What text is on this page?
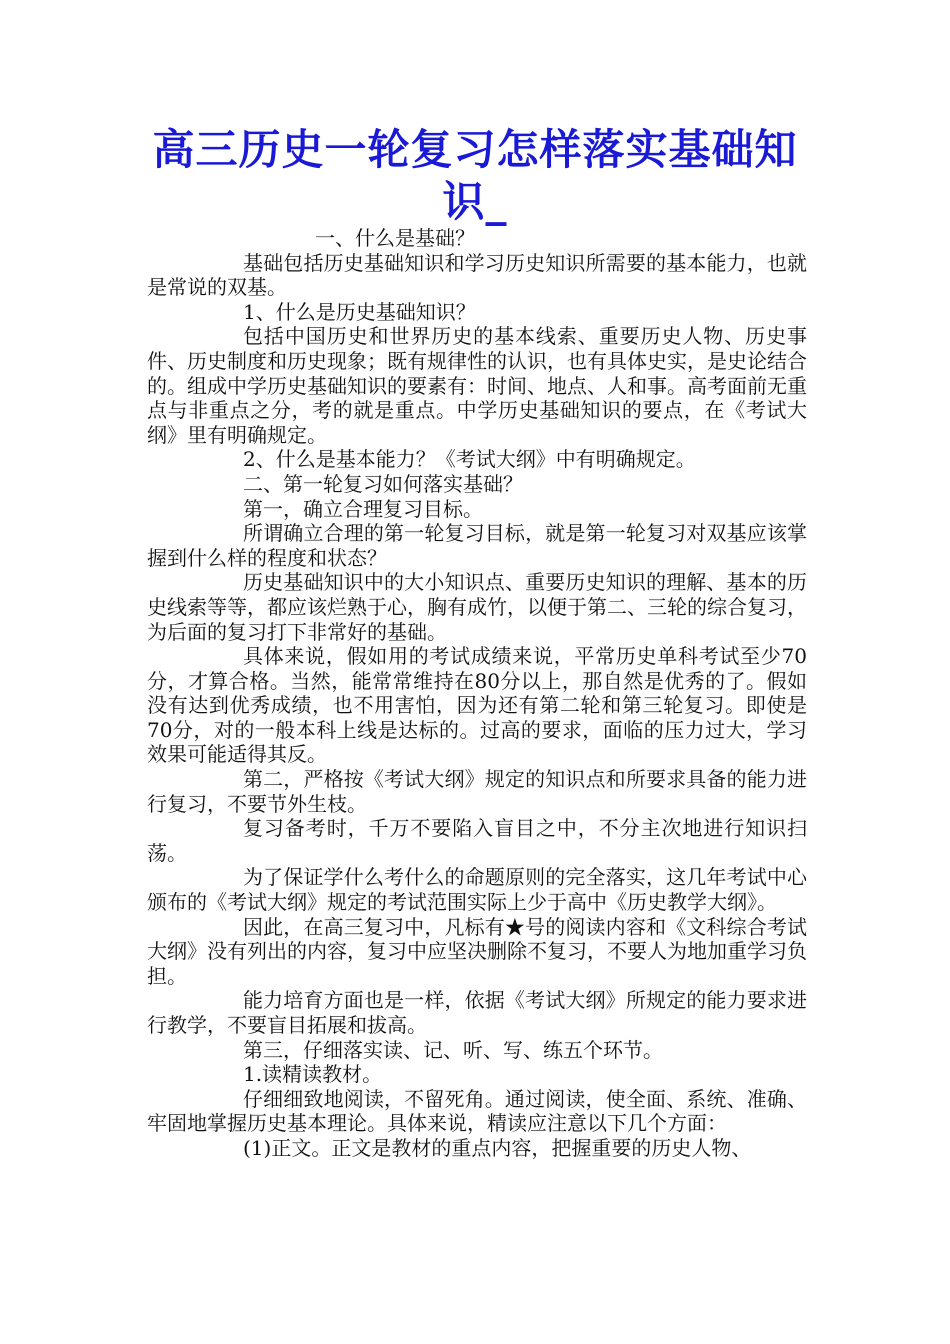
高三历史一轮复习怎样落实基础知识_

一、什么是基础？

基础包括历史基础知识和学习历史知识所需要的基本能力，也就是常说的双基。

1、什么是历史基础知识？

包括中国历史和世界历史的基本线索、重要历史人物、历史事件、历史制度和历史现象；既有规律性的认识，也有具体史实，是史论结合的。组成中学历史基础知识的要素有：时间、地点、人和事。高考面前无重点与非重点之分，考的就是重点。中学历史基础知识的要点，在《考试大纲》里有明确规定。

2、什么是基本能力？《考试大纲》中有明确规定。

二、第一轮复习如何落实基础？

第一，确立合理复习目标。

所谓确立合理的第一轮复习目标，就是第一轮复习对双基应该掌握到什么样的程度和状态？

历史基础知识中的大小知识点、重要历史知识的理解、基本的历史线索等等，都应该烂熟于心，胸有成竹，以便于第二、三轮的综合复习，为后面的复习打下非常好的基础。

具体来说，假如用的考试成绩来说，平常历史单科考试至少70分，才算合格。当然，能常常维持在80分以上，那自然是优秀的了。假如没有达到优秀成绩，也不用害怕，因为还有第二轮和第三轮复习。即使是70分，对的一般本科上线是达标的。过高的要求，面临的压力过大，学习效果可能适得其反。

第二，严格按《考试大纲》规定的知识点和所要求具备的能力进行复习，不要节外生枝。

复习备考时，千万不要陷入盲目之中，不分主次地进行知识扫荡。

为了保证学什么考什么的命题原则的完全落实，这几年考试中心颁布的《考试大纲》规定的考试范围实际上少于高中《历史教学大纲》。

因此，在高三复习中，凡标有★号的阅读内容和《文科综合考试大纲》没有列出的内容，复习中应坚决删除不复习，不要人为地加重学习负担。

能力培育方面也是一样，依据《考试大纲》所规定的能力要求进行教学，不要盲目拓展和拔高。

第三，仔细落实读、记、听、写、练五个环节。

1.读精读教材。

仔细细致地阅读，不留死角。通过阅读，使全面、系统、准确、牢固地掌握历史基本理论。具体来说，精读应注意以下几个方面：

(1)正文。正文是教材的重点内容，把握重要的历史人物、
